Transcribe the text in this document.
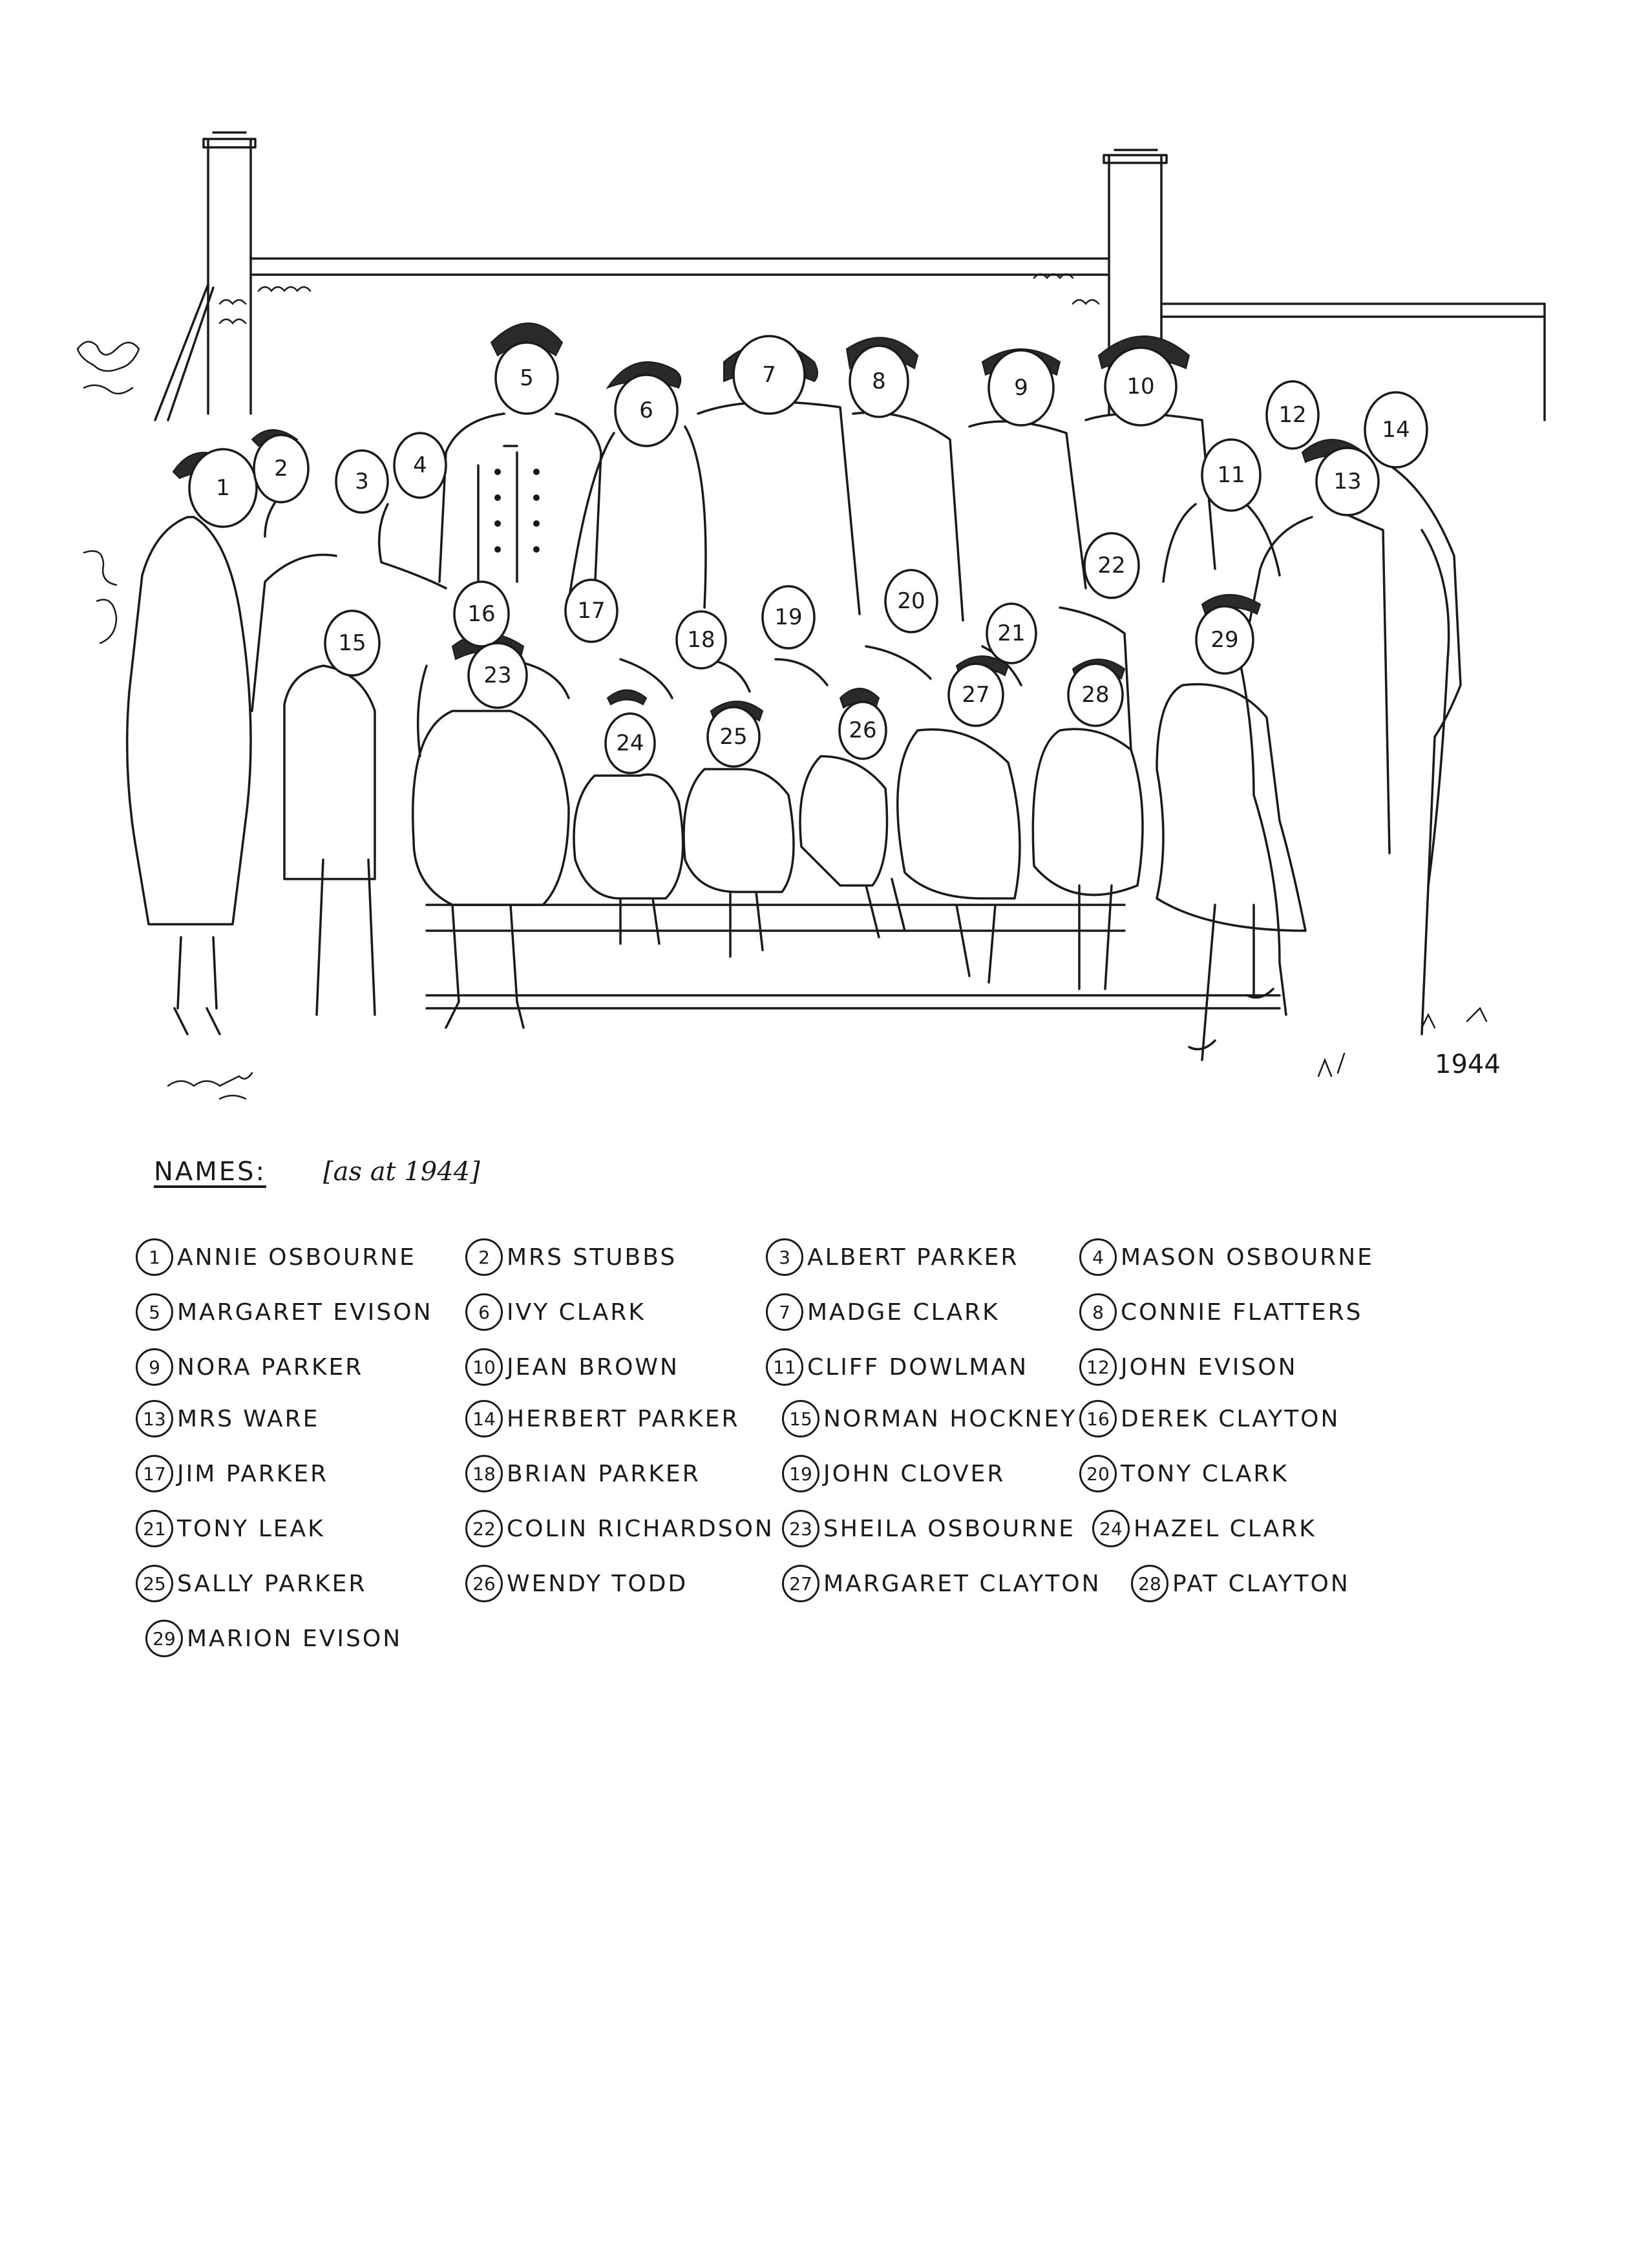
1
2	3
4
5
6
7	8	9	10
11
12
13
14
15
16	17
18
19
20
21
22
23
24	25	26
27	28
29
1944
NAMES: [as at 1944]
1 ANNIE OSBOURNE	2 MRS STUBBS	3 ALBERT PARKER	4 MASON OSBOURNE
5 MARGARET EVISON	6 IVY CLARK	7 MADGE CLARK	8 CONNIE FLATTERS
9 NORA PARKER	10 JEAN BROWN	11 CLIFF DOWLMAN	12 JOHN EVISON
13 MRS WARE	14 HERBERT PARKER	15 NORMAN HOCKNEY 16 DEREK CLAYTON
17 JIM PARKER	18 BRIAN PARKER	19 JOHN CLOVER	20 TONY CLARK
21 TONY LEAK	22 COLIN RICHARDSON 23 SHEILA OSBOURNE	24 HAZEL CLARK
25 SALLY PARKER	26 WENDY TODD	27 MARGARET CLAYTON	28 PAT CLAYTON
29 MARION EVISON
